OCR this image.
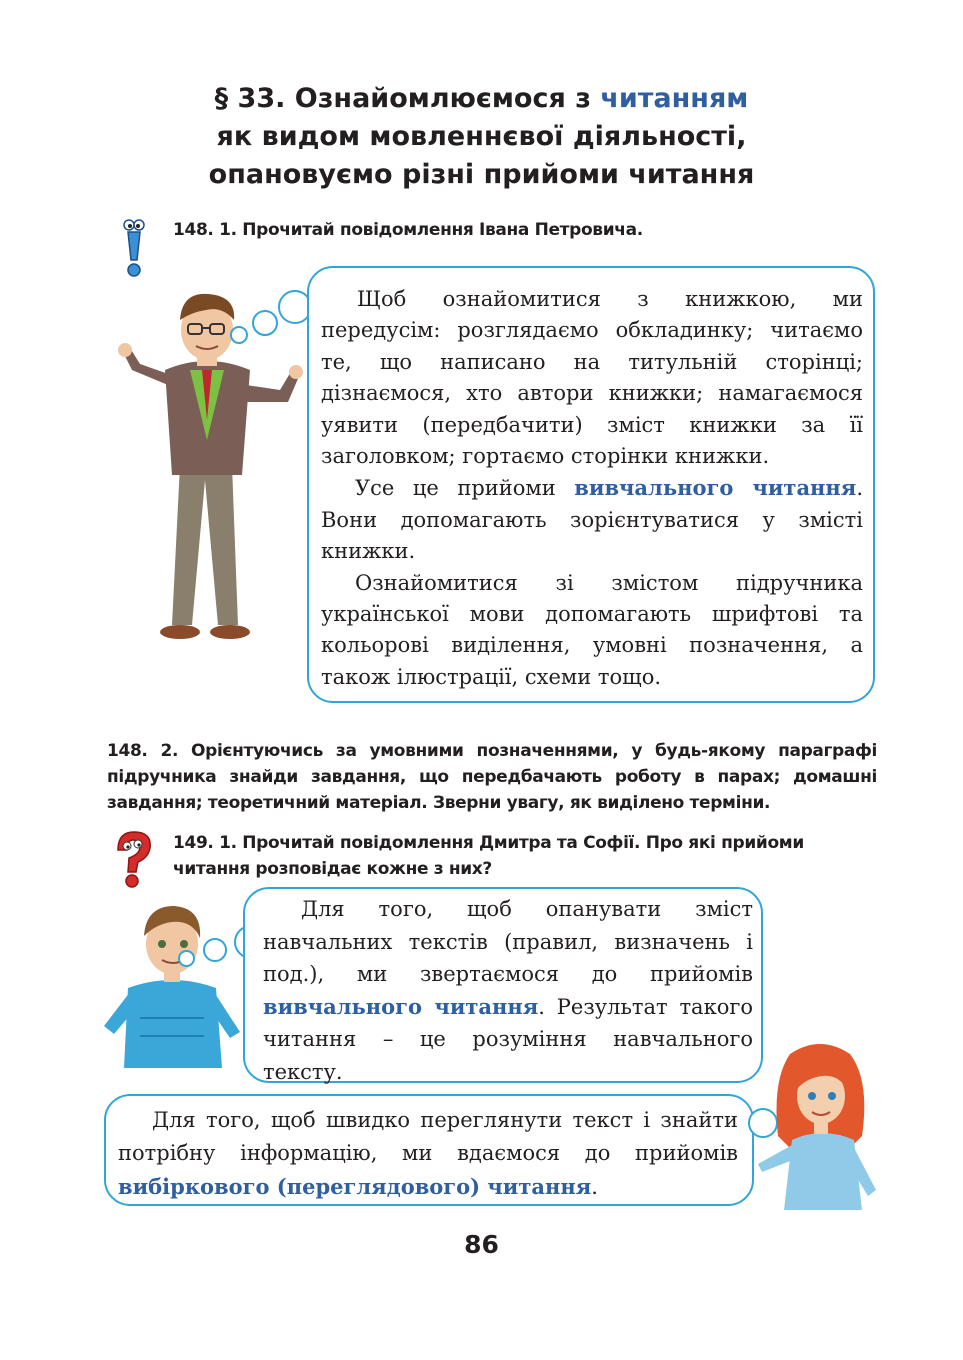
§ 33. Ознайомлюємося з читанням
як видом мовленнєвої діяльності,
опановуємо різні прийоми читання
148. 1. Прочитай повідомлення Івана Петровича.

Щоб ознайомитися з книжкою, ми передусім: розглядаємо обкладинку; читаємо те, що написано на титульній сторінці; дізнаємося, хто автори книжки; намагаємося уявити (передбачити) зміст книжки за її заголовком; гортаємо сторінки книжки.

Усе це прийоми вивчального читання. Вони допомагають зорієнтуватися у змісті книжки.

Ознайомитися зі змістом підручника української мови допомагають шрифтові та кольорові виділення, умовні позначення, а також ілюстрації, схеми тощо.

148. 2. Орієнтуючись за умовними позначеннями, у будь-якому параграфі підручника знайди завдання, що передбачають роботу в парах; домашні завдання; теоретичний матеріал. Зверни увагу, як виділено терміни.
149. 1. Прочитай повідомлення Дмитра та Софії. Про які прийоми читання розповідає кожне з них?

Для того, щоб опанувати зміст навчальних текстів (правил, визначень і под.), ми звертаємося до прийомів вивчального читання. Результат такого читання – це розуміння навчального тексту.

Для того, щоб швидко переглянути текст і знайти потрібну інформацію, ми вдаємося до прийомів вибіркового (переглядового) читання.

86
